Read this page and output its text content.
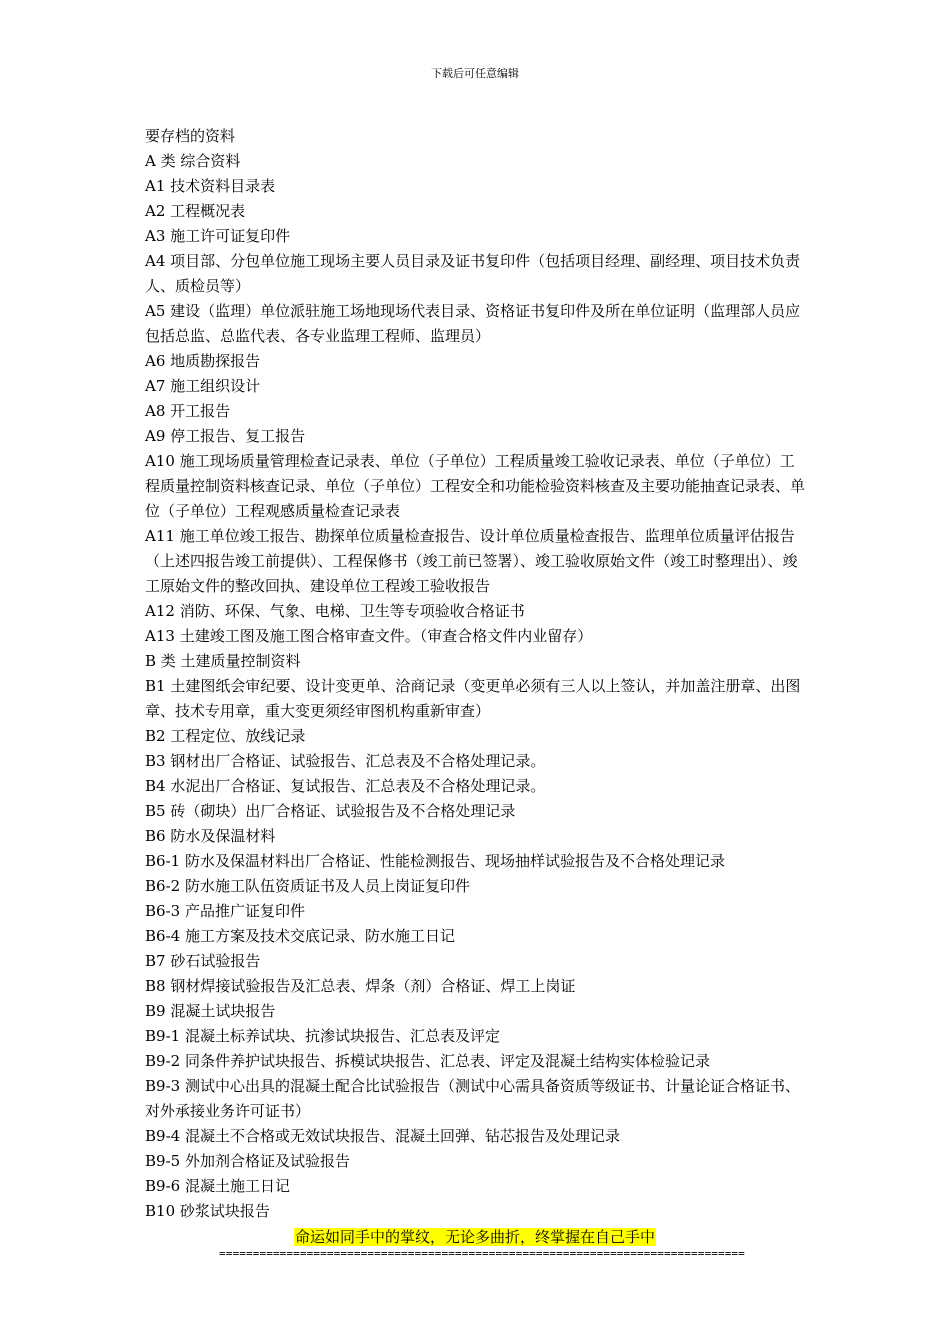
下载后可任意编辑

要存档的资料

A 类 综合资料

A1 技术资料目录表

A2 工程概况表

A3 施工许可证复印件

A4 项目部、分包单位施工现场主要人员目录及证书复印件（包括项目经理、副经理、项目技术负责人、质检员等）

A5 建设（监理）单位派驻施工场地现场代表目录、资格证书复印件及所在单位证明（监理部人员应包括总监、总监代表、各专业监理工程师、监理员）

A6 地质勘探报告

A7 施工组织设计

A8 开工报告

A9 停工报告、复工报告

A10 施工现场质量管理检查记录表、单位（子单位）工程质量竣工验收记录表、单位（子单位）工程质量控制资料核查记录、单位（子单位）工程安全和功能检验资料核查及主要功能抽查记录表、单位（子单位）工程观感质量检查记录表

A11 施工单位竣工报告、勘探单位质量检查报告、设计单位质量检查报告、监理单位质量评估报告（上述四报告竣工前提供）、工程保修书（竣工前已签署）、竣工验收原始文件（竣工时整理出）、竣工原始文件的整改回执、建设单位工程竣工验收报告

A12 消防、环保、气象、电梯、卫生等专项验收合格证书

A13 土建竣工图及施工图合格审查文件。（审查合格文件内业留存）

B 类 土建质量控制资料

B1 土建图纸会审纪要、设计变更单、洽商记录（变更单必须有三人以上签认，并加盖注册章、出图章、技术专用章，重大变更须经审图机构重新审查）

B2 工程定位、放线记录

B3 钢材出厂合格证、试验报告、汇总表及不合格处理记录。

B4 水泥出厂合格证、复试报告、汇总表及不合格处理记录。

B5 砖（砌块）出厂合格证、试验报告及不合格处理记录

B6 防水及保温材料

B6-1 防水及保温材料出厂合格证、性能检测报告、现场抽样试验报告及不合格处理记录

B6-2 防水施工队伍资质证书及人员上岗证复印件

B6-3 产品推广证复印件

B6-4 施工方案及技术交底记录、防水施工日记

B7 砂石试验报告

B8 钢材焊接试验报告及汇总表、焊条（剂）合格证、焊工上岗证

B9 混凝土试块报告

B9-1 混凝土标养试块、抗渗试块报告、汇总表及评定

B9-2 同条件养护试块报告、拆模试块报告、汇总表、评定及混凝土结构实体检验记录

B9-3 测试中心出具的混凝土配合比试验报告（测试中心需具备资质等级证书、计量论证合格证书、对外承接业务许可证书）

B9-4 混凝土不合格或无效试块报告、混凝土回弹、钻芯报告及处理记录

B9-5 外加剂合格证及试验报告

B9-6 混凝土施工日记

B10 砂浆试块报告

命运如同手中的掌纹，无论多曲折，终掌握在自己手中
==============================================================================
